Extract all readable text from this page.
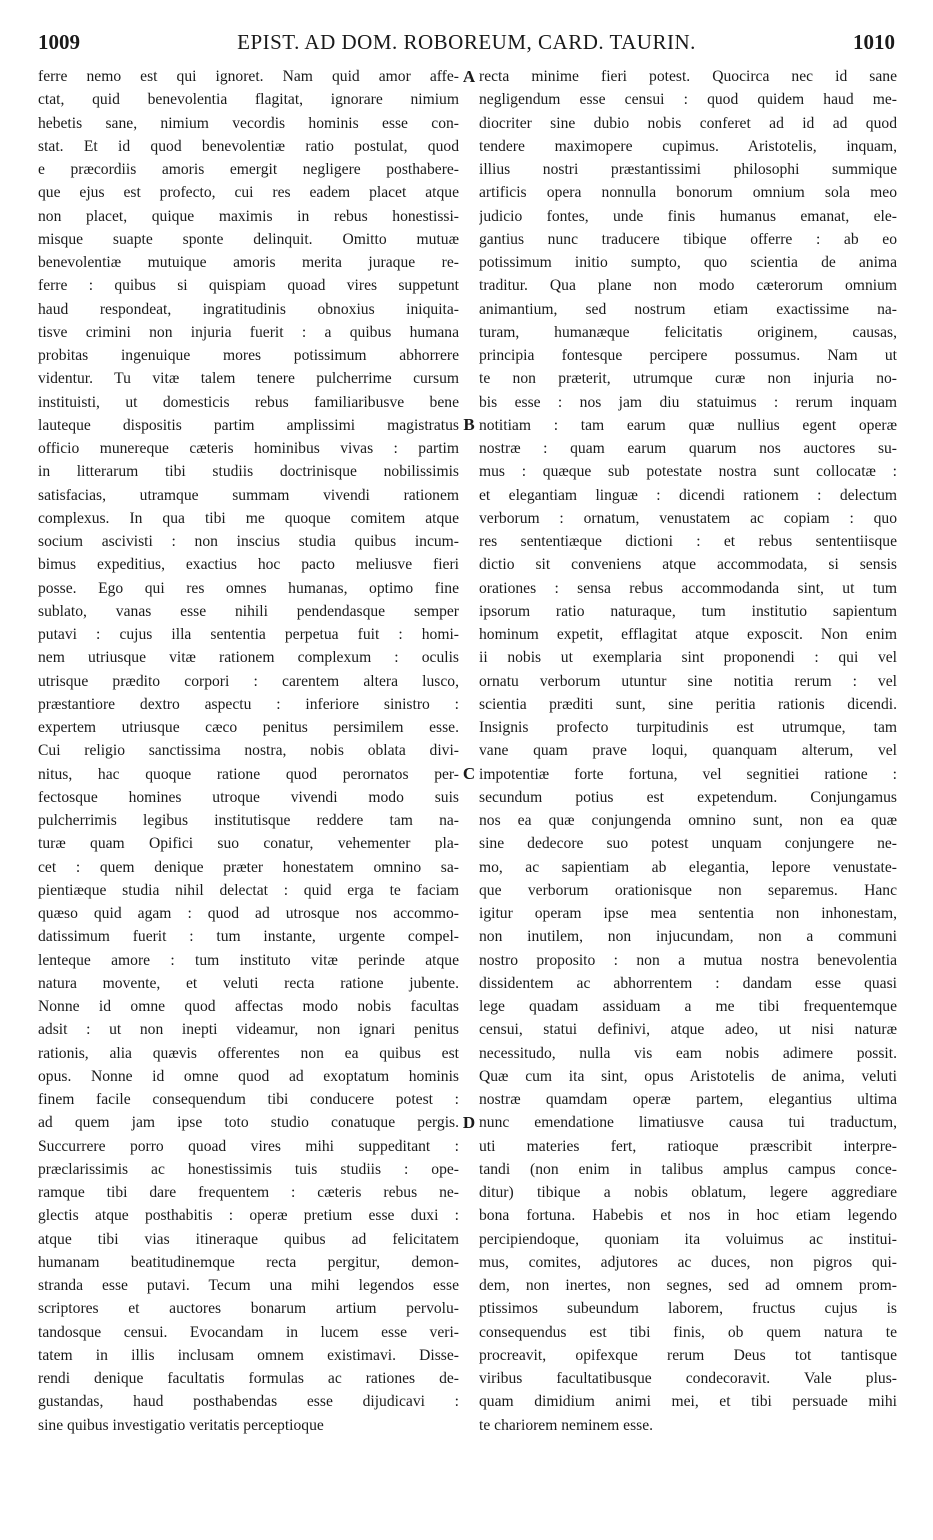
1009	EPIST. AD DOM. ROBOREUM, CARD. TAURIN.	1010
ferre nemo est qui ignoret. Nam quid amor affe-
ctat, quid benevolentia flagitat, ignorare nimium
hebetis sane, nimium vecordis hominis esse con-
stat. Et id quod benevolentiæ ratio postulat, quod
e præcordiis amoris emergit negligere posthabere-
que ejus est profecto, cui res eadem placet atque
non placet, quique maximis in rebus honestissi-
misque suapte sponte delinquit. Omitto mutuæ
benevolentiæ mutuique amoris merita juraque re-
ferre : quibus si quispiam quoad vires suppetunt
haud respondeat, ingratitudinis obnoxius iniquita-
tisve crimini non injuria fuerit : a quibus humana
probitas ingenuique mores potissimum abhorrere
videntur. Tu vitæ talem tenere pulcherrime cursum
instituisti, ut domesticis rebus familiaribusve bene
lauteque dispositis partim amplissimi magistratus
officio munereque cæteris hominibus vivas : partim
in litterarum tibi studiis doctrinisque nobilissimis
satisfacias, utramque summam vivendi rationem
complexus. In qua tibi me quoque comitem atque
socium ascivisti : non inscius studia quibus incum-
bimus expeditius, exactius hoc pacto meliusve fieri
posse. Ego qui res omnes humanas, optimo fine
sublato, vanas esse nihili pendendasque semper
putavi : cujus illa sententia perpetua fuit : homi-
nem utriusque vitæ rationem complexum : oculis
utrisque prædito corpori : carentem altera lusco,
præstantiore dextro aspectu : inferiore sinistro :
expertem utriusque cæco penitus persimilem esse.
Cui religio sanctissima nostra, nobis oblata divi-
nitus, hac quoque ratione quod perornatos per-
fectosque homines utroque vivendi modo suis
pulcherrimis legibus institutisque reddere tam na-
turæ quam Opifici suo conatur, vehementer pla-
cet : quem denique præter honestatem omnino sa-
pientiæque studia nihil delectat : quid erga te faciam
quæso quid agam : quod ad utrosque nos accommo-
datissimum fuerit : tum instante, urgente compel-
lenteque amore : tum instituto vitæ perinde atque
natura movente, et veluti recta ratione jubente.
Nonne id omne quod affectas modo nobis facultas
adsit : ut non inepti videamur, non ignari penitus
rationis, alia quævis offerentes non ea quibus est
opus. Nonne id omne quod ad exoptatum hominis
finem facile consequendum tibi conducere potest :
ad quem jam ipse toto studio conatuque pergis.
Succurrere porro quoad vires mihi suppeditant :
præclarissimis ac honestissimis tuis studiis : ope-
ramque tibi dare frequentem : cæteris rebus ne-
glectis atque posthabitis : operæ pretium esse duxi :
atque tibi vias itineraque quibus ad felicitatem
humanam beatitudinemque recta pergitur, demon-
stranda esse putavi. Tecum una mihi legendos esse
scriptores et auctores bonarum artium pervolu-
tandosque censui. Evocandam in lucem esse veri-
tatem in illis inclusam omnem existimavi. Disse-
rendi denique facultatis formulas ac rationes de-
gustandas, haud posthabendas esse dijudicavi :
sine quibus investigatio veritatis perceptioque
recta minime fieri potest. Quocirca nec id sane
negligendum esse censui : quod quidem haud me-
diocriter sine dubio nobis conferet ad id ad quod
tendere maximopere cupimus. Aristotelis, inquam,
illius nostri præstantissimi philosophi summique
artificis opera nonnulla bonorum omnium sola meo
judicio fontes, unde finis humanus emanat, ele-
gantius nunc traducere tibique offerre : ab eo
potissimum initio sumpto, quo scientia de anima
traditur. Qua plane non modo cæterorum omnium
animantium, sed nostrum etiam exactissime na-
turam, humanæque felicitatis originem, causas,
principia fontesque percipere possumus. Nam ut
te non præterit, utrumque curæ non injuria no-
bis esse : nos jam diu statuimus : rerum inquam
notitiam : tam earum quæ nullius egent operæ
nostræ : quam earum quarum nos auctores su-
mus : quæque sub potestate nostra sunt collocatæ :
et elegantiam linguæ : dicendi rationem : delectum
verborum : ornatum, venustatem ac copiam : quo
res sententiæque dictioni : et rebus sententiisque
dictio sit conveniens atque accommodata, si sensis
orationes : sensa rebus accommodanda sint, ut tum
ipsorum ratio naturaque, tum institutio sapientum
hominum expetit, efflagitat atque exposcit. Non enim
ii nobis ut exemplaria sint proponendi : qui vel
ornatu verborum utuntur sine notitia rerum : vel
scientia præditi sunt, sine peritia rationis dicendi.
Insignis profecto turpitudinis est utrumque, tam
vane quam prave loqui, quanquam alterum, vel
impotentiæ forte fortuna, vel segnitiei ratione :
secundum potius est expetendum. Conjungamus
nos ea quæ conjungenda omnino sunt, non ea quæ
sine dedecore suo potest unquam conjungere ne-
mo, ac sapientiam ab elegantia, lepore venustate-
que verborum orationisque non separemus. Hanc
igitur operam ipse mea sententia non inhonestam,
non inutilem, non injucundam, non a communi
nostro proposito : non a mutua nostra benevolentia
dissidentem ac abhorrentem : dandam esse quasi
lege quadam assiduam a me tibi frequentemque
censui, statui definivi, atque adeo, ut nisi naturæ
necessitudo, nulla vis eam nobis adimere possit.
Quæ cum ita sint, opus Aristotelis de anima, veluti
nostræ quamdam operæ partem, elegantius ultima
nunc emendatione limatiusve causa tui traductum,
uti materies fert, ratioque præscribit interpre-
tandi (non enim in talibus amplus campus conce-
ditur) tibique a nobis oblatum, legere aggrediare
bona fortuna. Habebis et nos in hoc etiam legendo
percipiendoque, quoniam ita voluimus ac institui-
mus, comites, adjutores ac duces, non pigros qui-
dem, non inertes, non segnes, sed ad omnem prom-
ptissimos subeundum laborem, fructus cujus is
consequendus est tibi finis, ob quem natura te
procreavit, opifexque rerum Deus tot tantisque
viribus facultatibusque condecoravit. Vale plus-
quam dimidium animi mei, et tibi persuade mihi
te chariorem neminem esse.
A
B
C
D
